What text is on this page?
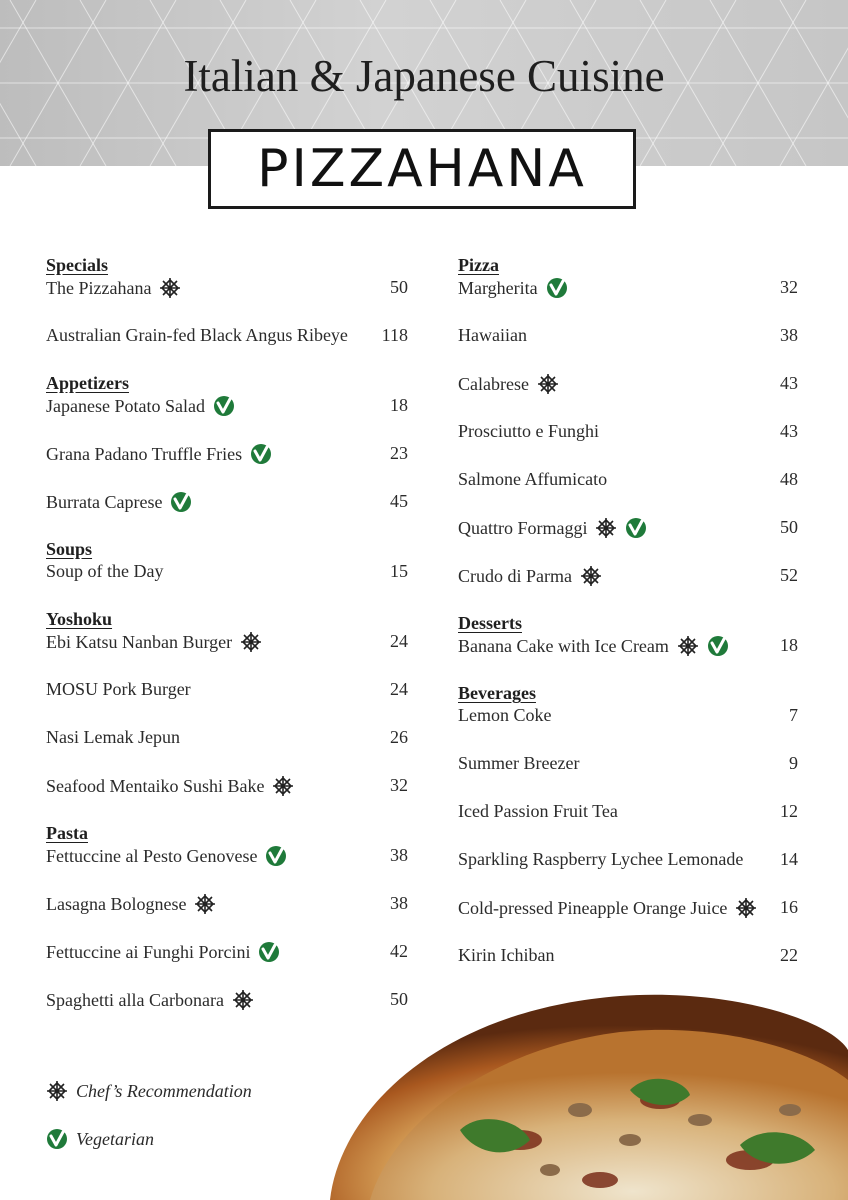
Italian & Japanese Cuisine
PIZZAHANA
Specials
The Pizzahana	50
Australian Grain-fed Black Angus Ribeye	118
Appetizers
Japanese Potato Salad	18
Grana Padano Truffle Fries	23
Burrata Caprese	45
Soups
Soup of the Day	15
Yoshoku
Ebi Katsu Nanban Burger	24
MOSU Pork Burger	24
Nasi Lemak Jepun	26
Seafood Mentaiko Sushi Bake	32
Pasta
Fettuccine al Pesto Genovese	38
Lasagna Bolognese	38
Fettuccine ai Funghi Porcini	42
Spaghetti alla Carbonara	50
Pizza
Margherita	32
Hawaiian	38
Calabrese	43
Prosciutto e Funghi	43
Salmone Affumicato	48
Quattro Formaggi	50
Crudo di Parma	52
Desserts
Banana Cake with Ice Cream	18
Beverages
Lemon Coke	7
Summer Breezer	9
Iced Passion Fruit Tea	12
Sparkling Raspberry Lychee Lemonade	14
Cold-pressed Pineapple Orange Juice	16
Kirin Ichiban	22
Chef’s Recommendation
Vegetarian
